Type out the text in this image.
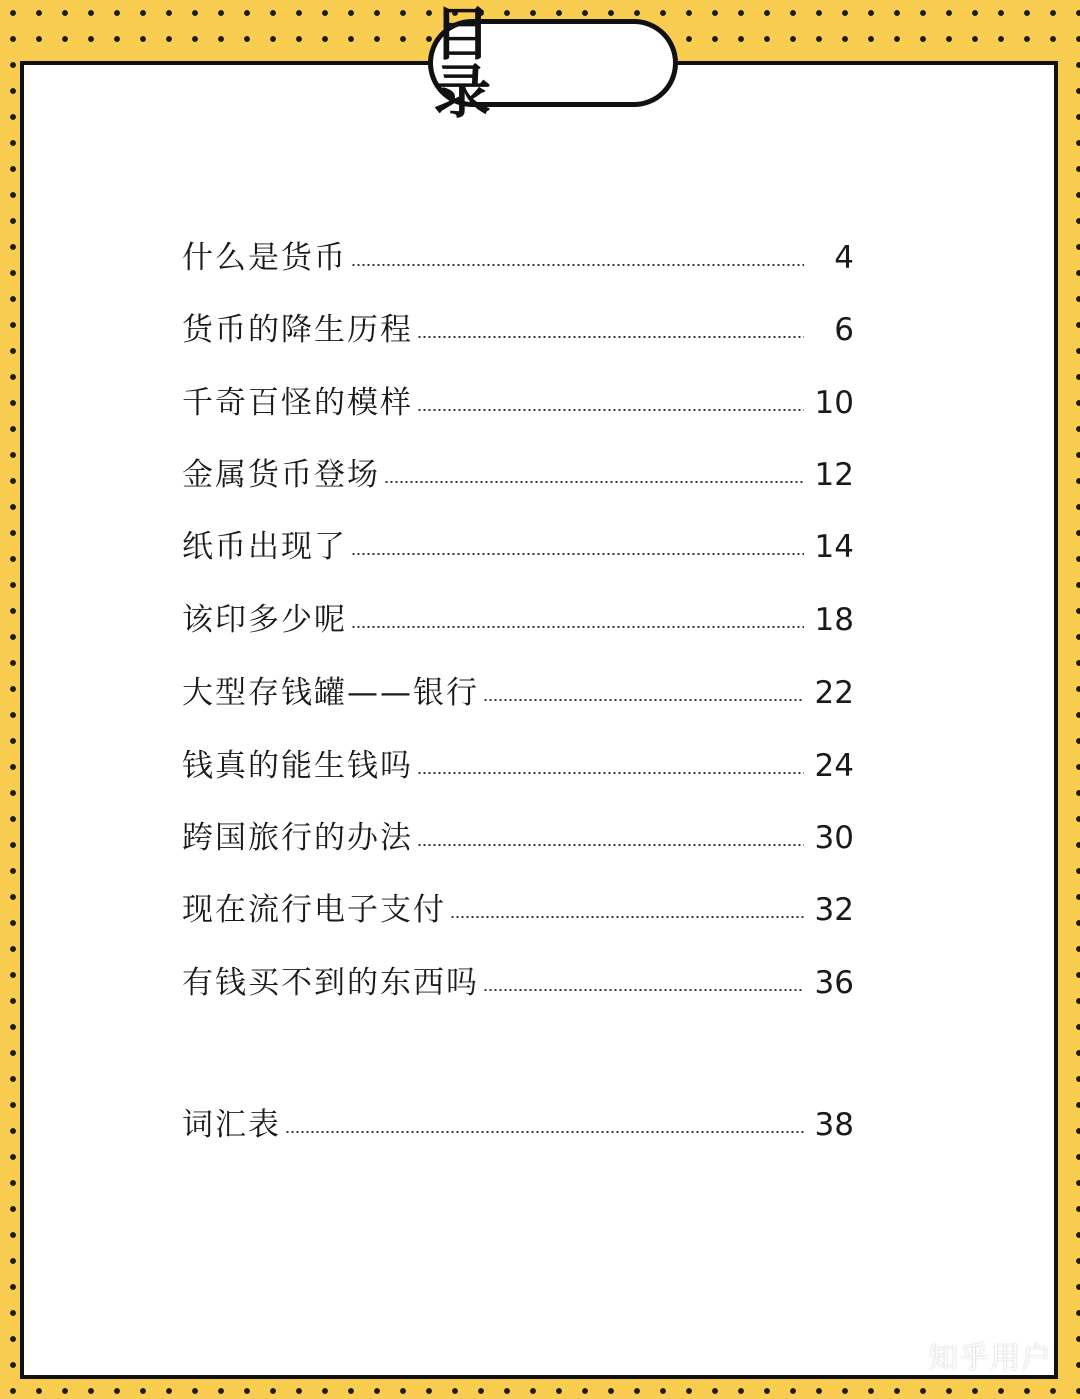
目 录
什么是货币	4
货币的降生历程	6
千奇百怪的模样	10
金属货币登场	12
纸币出现了	14
该印多少呢	18
大型存钱罐——银行	22
钱真的能生钱吗	24
跨国旅行的办法	30
现在流行电子支付	32
有钱买不到的东西吗	36
词汇表	38
知乎用户
